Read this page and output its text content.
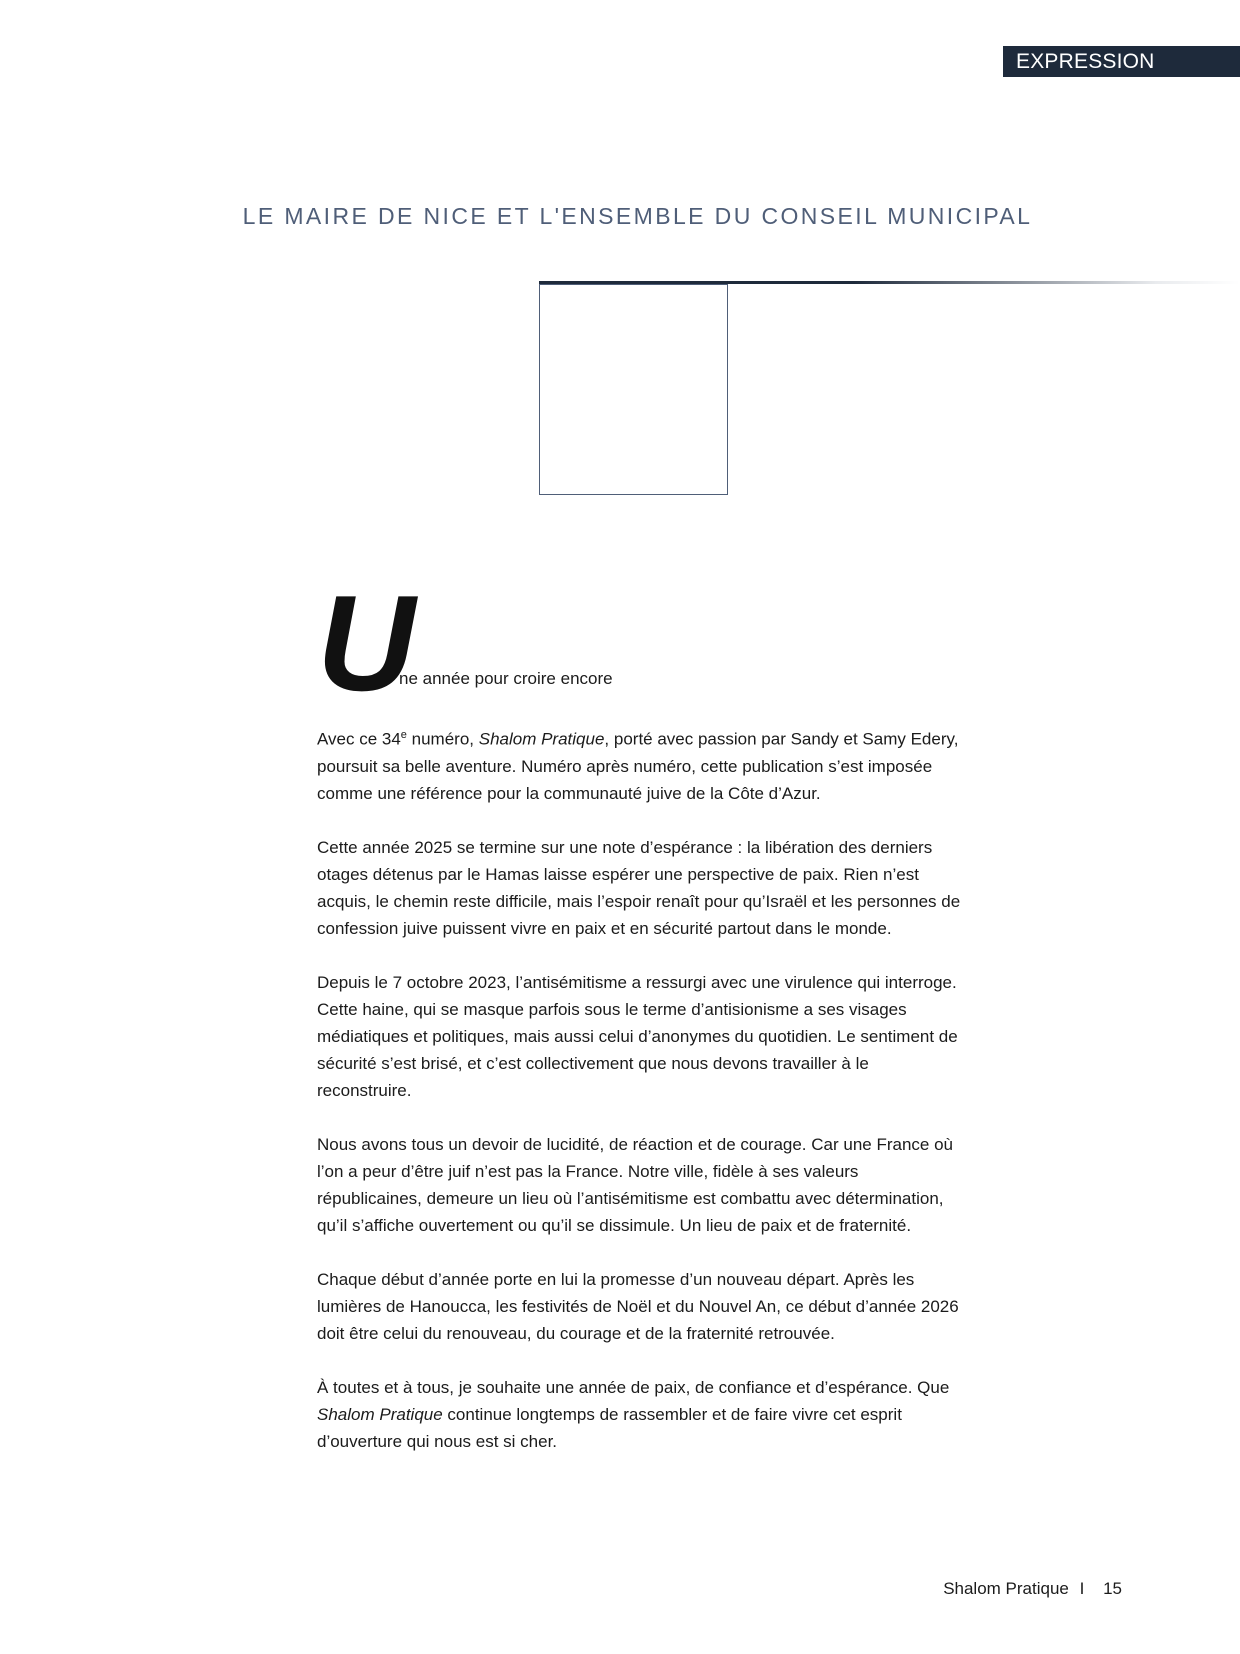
EXPRESSION
LE MAIRE DE NICE ET L'ENSEMBLE DU CONSEIL MUNICIPAL
U
ne année pour croire encore

Avec ce 34e numéro, Shalom Pratique, porté avec passion par Sandy et Samy Edery, poursuit sa belle aventure. Numéro après numéro, cette publication s’est imposée comme une référence pour la communauté juive de la Côte d’Azur.

Cette année 2025 se termine sur une note d’espérance : la libération des derniers otages détenus par le Hamas laisse espérer une perspective de paix. Rien n’est acquis, le chemin reste difficile, mais l’espoir renaît pour qu’Israël et les personnes de confession juive puissent vivre en paix et en sécurité partout dans le monde.

Depuis le 7 octobre 2023, l’antisémitisme a ressurgi avec une virulence qui interroge. Cette haine, qui se masque parfois sous le terme d’antisionisme a ses visages médiatiques et politiques, mais aussi celui d’anonymes du quotidien. Le sentiment de sécurité s’est brisé, et c’est collectivement que nous devons travailler à le reconstruire.

Nous avons tous un devoir de lucidité, de réaction et de courage. Car une France où l’on a peur d’être juif n’est pas la France. Notre ville, fidèle à ses valeurs républicaines, demeure un lieu où l’antisémitisme est combattu avec détermination, qu’il s’affiche ouvertement ou qu’il se dissimule. Un lieu de paix et de fraternité.

Chaque début d’année porte en lui la promesse d’un nouveau départ. Après les lumières de Hanoucca, les festivités de Noël et du Nouvel An, ce début d’année 2026 doit être celui du renouveau, du courage et de la fraternité retrouvée.

À toutes et à tous, je souhaite une année de paix, de confiance et d’espérance. Que Shalom Pratique continue longtemps de rassembler et de faire vivre cet esprit d’ouverture qui nous est si cher.

Shalom Pratique I 15
